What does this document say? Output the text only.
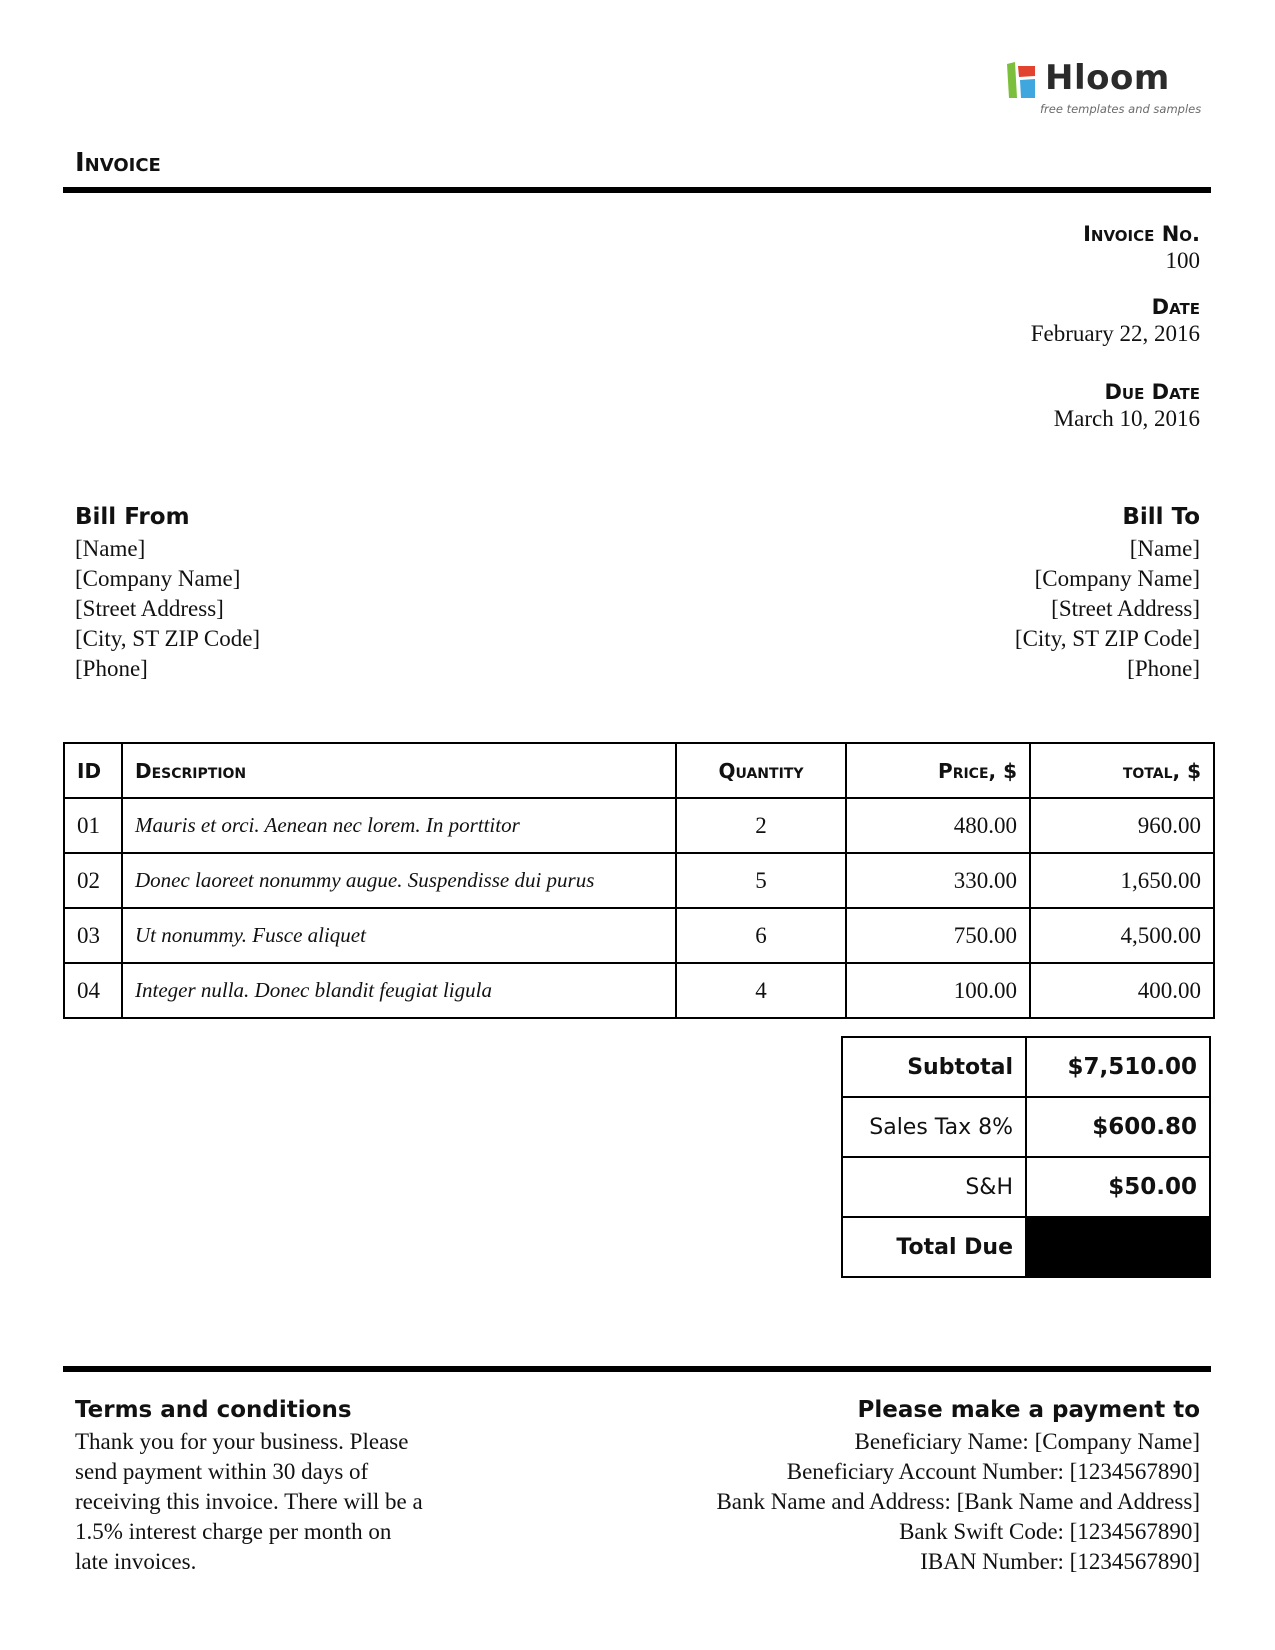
Hloom
free templates and samples
Invoice
Invoice No.
100
Date
February 22, 2016
Due Date
March 10, 2016
Bill From
[Name]
[Company Name]
[Street Address]
[City, ST ZIP Code]
[Phone]
Bill To
[Name]
[Company Name]
[Street Address]
[City, ST ZIP Code]
[Phone]
ID	Description	Quantity	Price, $	total, $
01	Mauris et orci. Aenean nec lorem. In porttitor	2	480.00	960.00
02	Donec laoreet nonummy augue. Suspendisse dui purus	5	330.00	1,650.00
03	Ut nonummy. Fusce aliquet	6	750.00	4,500.00
04	Integer nulla. Donec blandit feugiat ligula	4	100.00	400.00
Subtotal	$7,510.00
Sales Tax 8%	$600.80
S&H	$50.00
Total Due	
Terms and conditions
Thank you for your business. Please
send payment within 30 days of
receiving this invoice. There will be a
1.5% interest charge per month on
late invoices.
Please make a payment to
Beneficiary Name: [Company Name]
Beneficiary Account Number: [1234567890]
Bank Name and Address: [Bank Name and Address]
Bank Swift Code: [1234567890]
IBAN Number: [1234567890]
